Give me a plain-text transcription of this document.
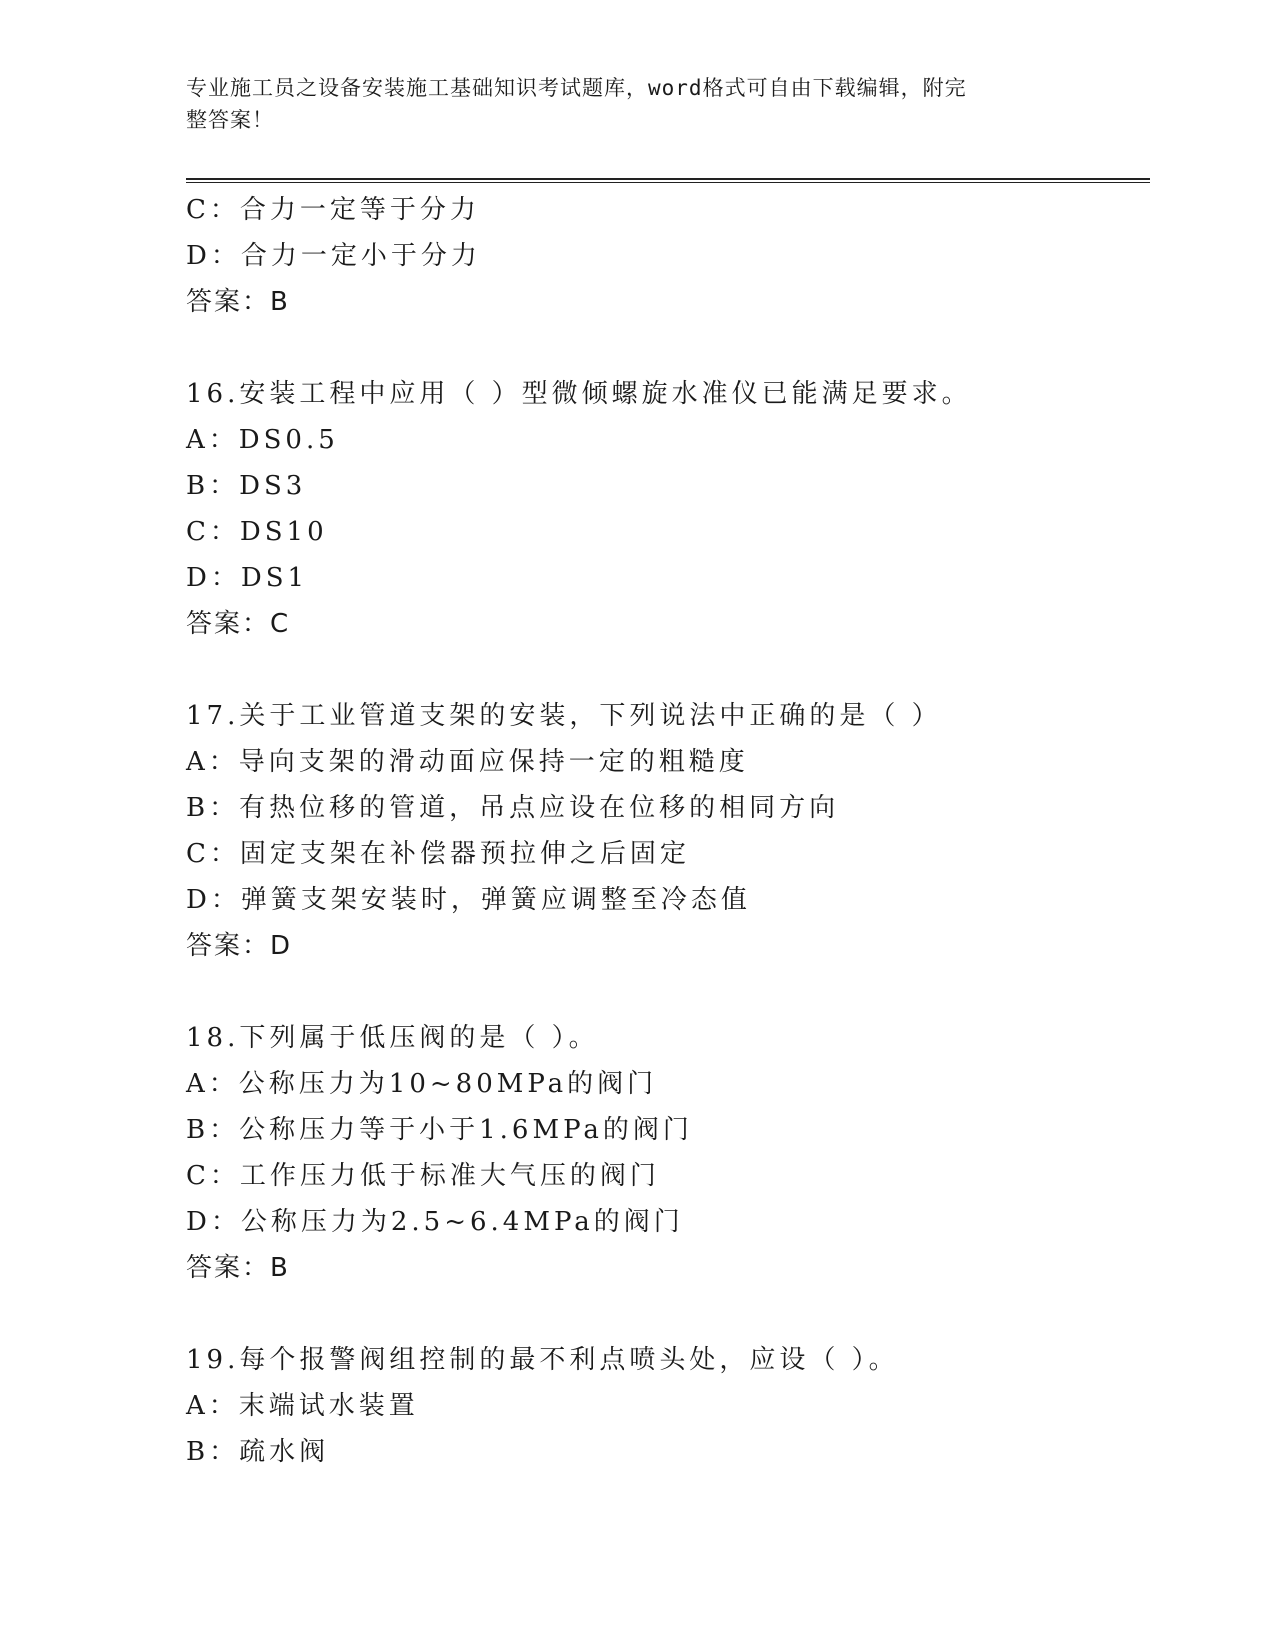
专业施工员之设备安装施工基础知识考试题库，word格式可自由下载编辑，附完
整答案！
C：合力一定等于分力
D：合力一定小于分力
答案：B
16.安装工程中应用（ ）型微倾螺旋水准仪已能满足要求。
A：DS0.5
B：DS3
C：DS10
D：DS1
答案：C
17.关于工业管道支架的安装，下列说法中正确的是（ ）
A：导向支架的滑动面应保持一定的粗糙度
B：有热位移的管道，吊点应设在位移的相同方向
C：固定支架在补偿器预拉伸之后固定
D：弹簧支架安装时，弹簧应调整至冷态值
答案：D
18.下列属于低压阀的是（ ）。
A：公称压力为10~80MPa的阀门
B：公称压力等于小于1.6MPa的阀门
C：工作压力低于标准大气压的阀门
D：公称压力为2.5~6.4MPa的阀门
答案：B
19.每个报警阀组控制的最不利点喷头处，应设（ ）。
A：末端试水装置
B：疏水阀
